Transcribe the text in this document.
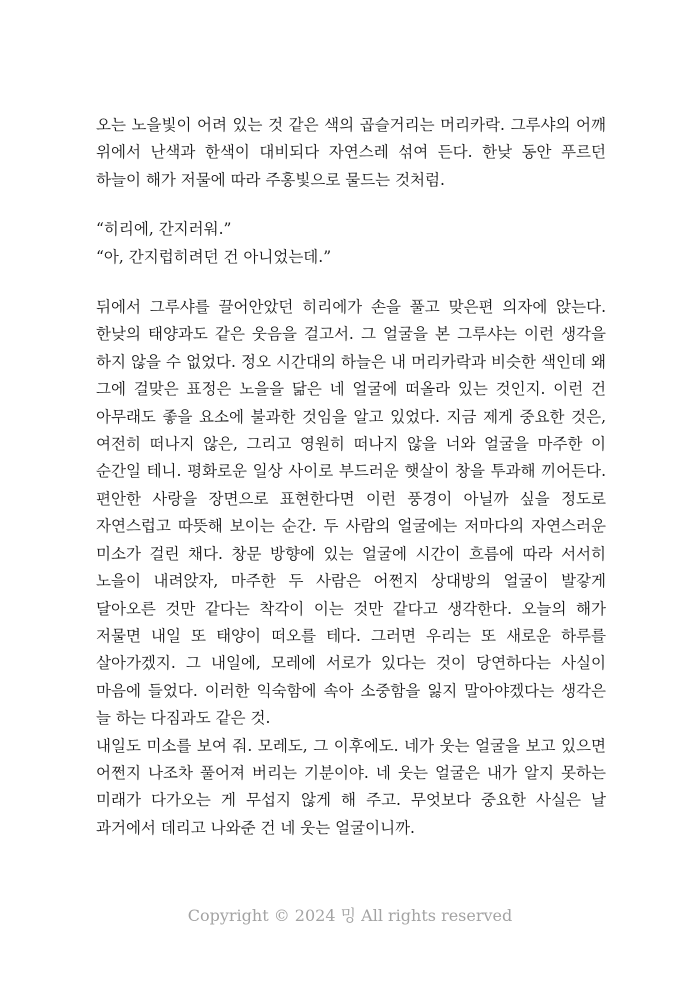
오는 노을빛이 어려 있는 것 같은 색의 곱슬거리는 머리카락. 그루샤의 어깨 위에서 난색과 한색이 대비되다 자연스레 섞여 든다. 한낮 동안 푸르던 하늘이 해가 저물에 따라 주홍빛으로 물드는 것처럼.

“히리에, 간지러워.”

“아, 간지럽히려던 건 아니었는데.”

뒤에서 그루샤를 끌어안았던 히리에가 손을 풀고 맞은편 의자에 앉는다. 한낮의 태양과도 같은 웃음을 걸고서. 그 얼굴을 본 그루샤는 이런 생각을 하지 않을 수 없었다. 정오 시간대의 하늘은 내 머리카락과 비슷한 색인데 왜 그에 걸맞은 표정은 노을을 닮은 네 얼굴에 떠올라 있는 것인지. 이런 건 아무래도 좋을 요소에 불과한 것임을 알고 있었다. 지금 제게 중요한 것은, 여전히 떠나지 않은, 그리고 영원히 떠나지 않을 너와 얼굴을 마주한 이 순간일 테니. 평화로운 일상 사이로 부드러운 햇살이 창을 투과해 끼어든다. 편안한 사랑을 장면으로 표현한다면 이런 풍경이 아닐까 싶을 정도로 자연스럽고 따뜻해 보이는 순간. 두 사람의 얼굴에는 저마다의 자연스러운 미소가 걸린 채다. 창문 방향에 있는 얼굴에 시간이 흐름에 따라 서서히 노을이 내려앉자, 마주한 두 사람은 어쩐지 상대방의 얼굴이 발갛게 달아오른 것만 같다는 착각이 이는 것만 같다고 생각한다. 오늘의 해가 저물면 내일 또 태양이 떠오를 테다. 그러면 우리는 또 새로운 하루를 살아가겠지. 그 내일에, 모레에 서로가 있다는 것이 당연하다는 사실이 마음에 들었다. 이러한 익숙함에 속아 소중함을 잃지 말아야겠다는 생각은 늘 하는 다짐과도 같은 것.

내일도 미소를 보여 줘. 모레도, 그 이후에도. 네가 웃는 얼굴을 보고 있으면 어쩐지 나조차 풀어져 버리는 기분이야. 네 웃는 얼굴은 내가 알지 못하는 미래가 다가오는 게 무섭지 않게 해 주고. 무엇보다 중요한 사실은 날 과거에서 데리고 나와준 건 네 웃는 얼굴이니까.

Copyright © 2024 밍 All rights reserved
